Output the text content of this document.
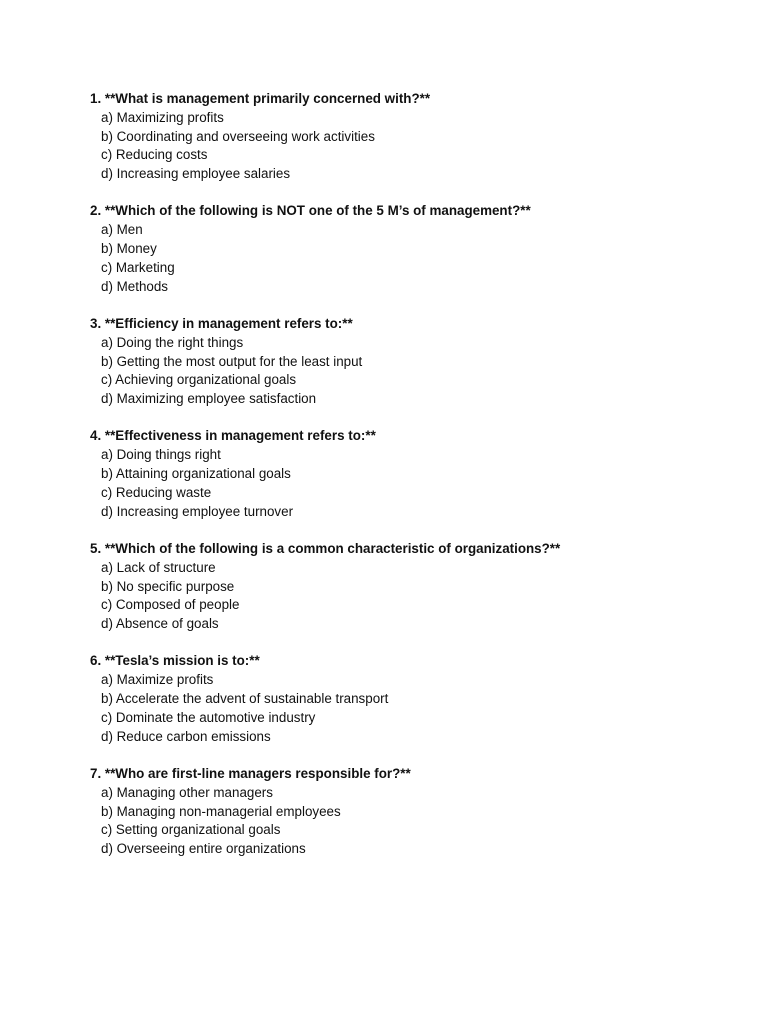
1. **What is management primarily concerned with?**
a) Maximizing profits
b) Coordinating and overseeing work activities
c) Reducing costs
d) Increasing employee salaries
2. **Which of the following is NOT one of the 5 M’s of management?**
a) Men
b) Money
c) Marketing
d) Methods
3. **Efficiency in management refers to:**
a) Doing the right things
b) Getting the most output for the least input
c) Achieving organizational goals
d) Maximizing employee satisfaction
4. **Effectiveness in management refers to:**
a) Doing things right
b) Attaining organizational goals
c) Reducing waste
d) Increasing employee turnover
5. **Which of the following is a common characteristic of organizations?**
a) Lack of structure
b) No specific purpose
c) Composed of people
d) Absence of goals
6. **Tesla’s mission is to:**
a) Maximize profits
b) Accelerate the advent of sustainable transport
c) Dominate the automotive industry
d) Reduce carbon emissions
7. **Who are first-line managers responsible for?**
a) Managing other managers
b) Managing non-managerial employees
c) Setting organizational goals
d) Overseeing entire organizations
